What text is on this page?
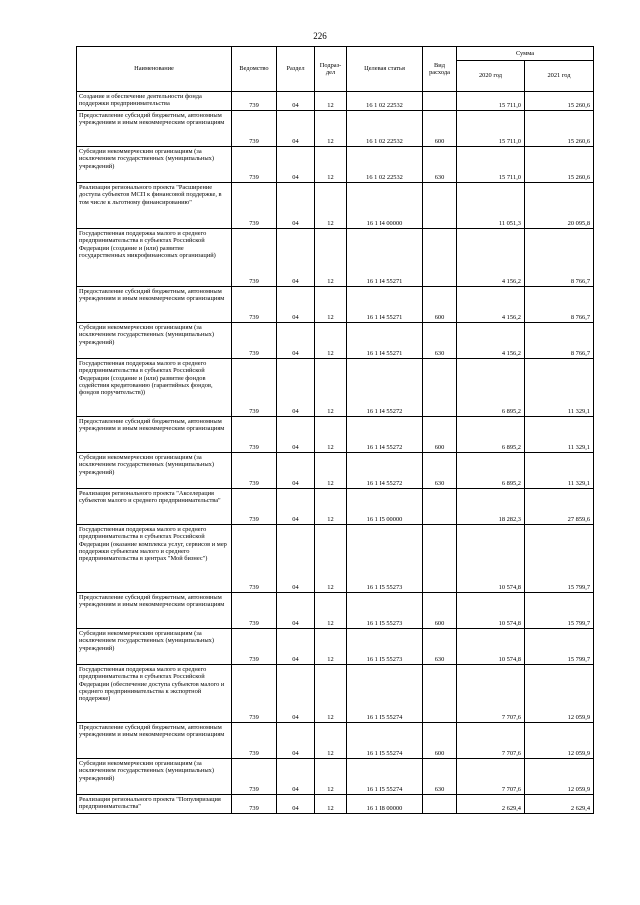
226
Наименование	Ведомство	Раздел	Подраз-дел	Целевая статья	Вид расхода	Сумма	
						2020 год	2021 год
Создание и обеспечение деятельности фонда поддержки предпринимательства	739	04	12	16 1 02 22532		15 711,0	15 260,6
Предоставление субсидий бюджетным, автономным учреждениям и иным некоммерческим организациям	739	04	12	16 1 02 22532	600	15 711,0	15 260,6
Субсидии некоммерческим организациям (за исключением государственных (муниципальных) учреждений)	739	04	12	16 1 02 22532	630	15 711,0	15 260,6
Реализация регионального проекта "Расширение доступа субъектов МСП к финансовой поддержке, в том числе к льготному финансированию"	739	04	12	16 1 I4 00000		11 051,3	20 095,8
Государственная поддержка малого и среднего предпринимательства в субъектах Российской Федерации (создание и (или) развитие государственных микрофинансовых организаций)	739	04	12	16 1 I4 55271		4 156,2	8 766,7
Предоставление субсидий бюджетным, автономным учреждениям и иным некоммерческим организациям	739	04	12	16 1 I4 55271	600	4 156,2	8 766,7
Субсидии некоммерческим организациям (за исключением государственных (муниципальных) учреждений)	739	04	12	16 1 I4 55271	630	4 156,2	8 766,7
Государственная поддержка малого и среднего предпринимательства в субъектах Российской Федерации (создание и (или) развитие фондов содействия кредитованию (гарантийных фондов, фондов поручительств))	739	04	12	16 1 I4 55272		6 895,2	11 329,1
Предоставление субсидий бюджетным, автономным учреждениям и иным некоммерческим организациям	739	04	12	16 1 I4 55272	600	6 895,2	11 329,1
Субсидии некоммерческим организациям (за исключением государственных (муниципальных) учреждений)	739	04	12	16 1 I4 55272	630	6 895,2	11 329,1
Реализация регионального проекта "Акселерация субъектов малого и среднего предпринимательства"	739	04	12	16 1 I5 00000		18 282,3	27 859,6
Государственная поддержка малого и среднего предпринимательства в субъектах Российской Федерации (оказание комплекса услуг, сервисов и мер поддержки субъектам малого и среднего предпринимательства в центрах "Мой бизнес")	739	04	12	16 1 I5 55273		10 574,8	15 799,7
Предоставление субсидий бюджетным, автономным учреждениям и иным некоммерческим организациям	739	04	12	16 1 I5 55273	600	10 574,8	15 799,7
Субсидии некоммерческим организациям (за исключением государственных (муниципальных) учреждений)	739	04	12	16 1 I5 55273	630	10 574,8	15 799,7
Государственная поддержка малого и среднего предпринимательства в субъектах Российской Федерации (обеспечение доступа субъектов малого и среднего предпринимательства к экспортной поддержке)	739	04	12	16 1 I5 55274		7 707,6	12 059,9
Предоставление субсидий бюджетным, автономным учреждениям и иным некоммерческим организациям	739	04	12	16 1 I5 55274	600	7 707,6	12 059,9
Субсидии некоммерческим организациям (за исключением государственных (муниципальных) учреждений)	739	04	12	16 1 I5 55274	630	7 707,6	12 059,9
Реализация регионального проекта "Популяризация предпринимательства"	739	04	12	16 1 I8 00000		2 629,4	2 629,4
